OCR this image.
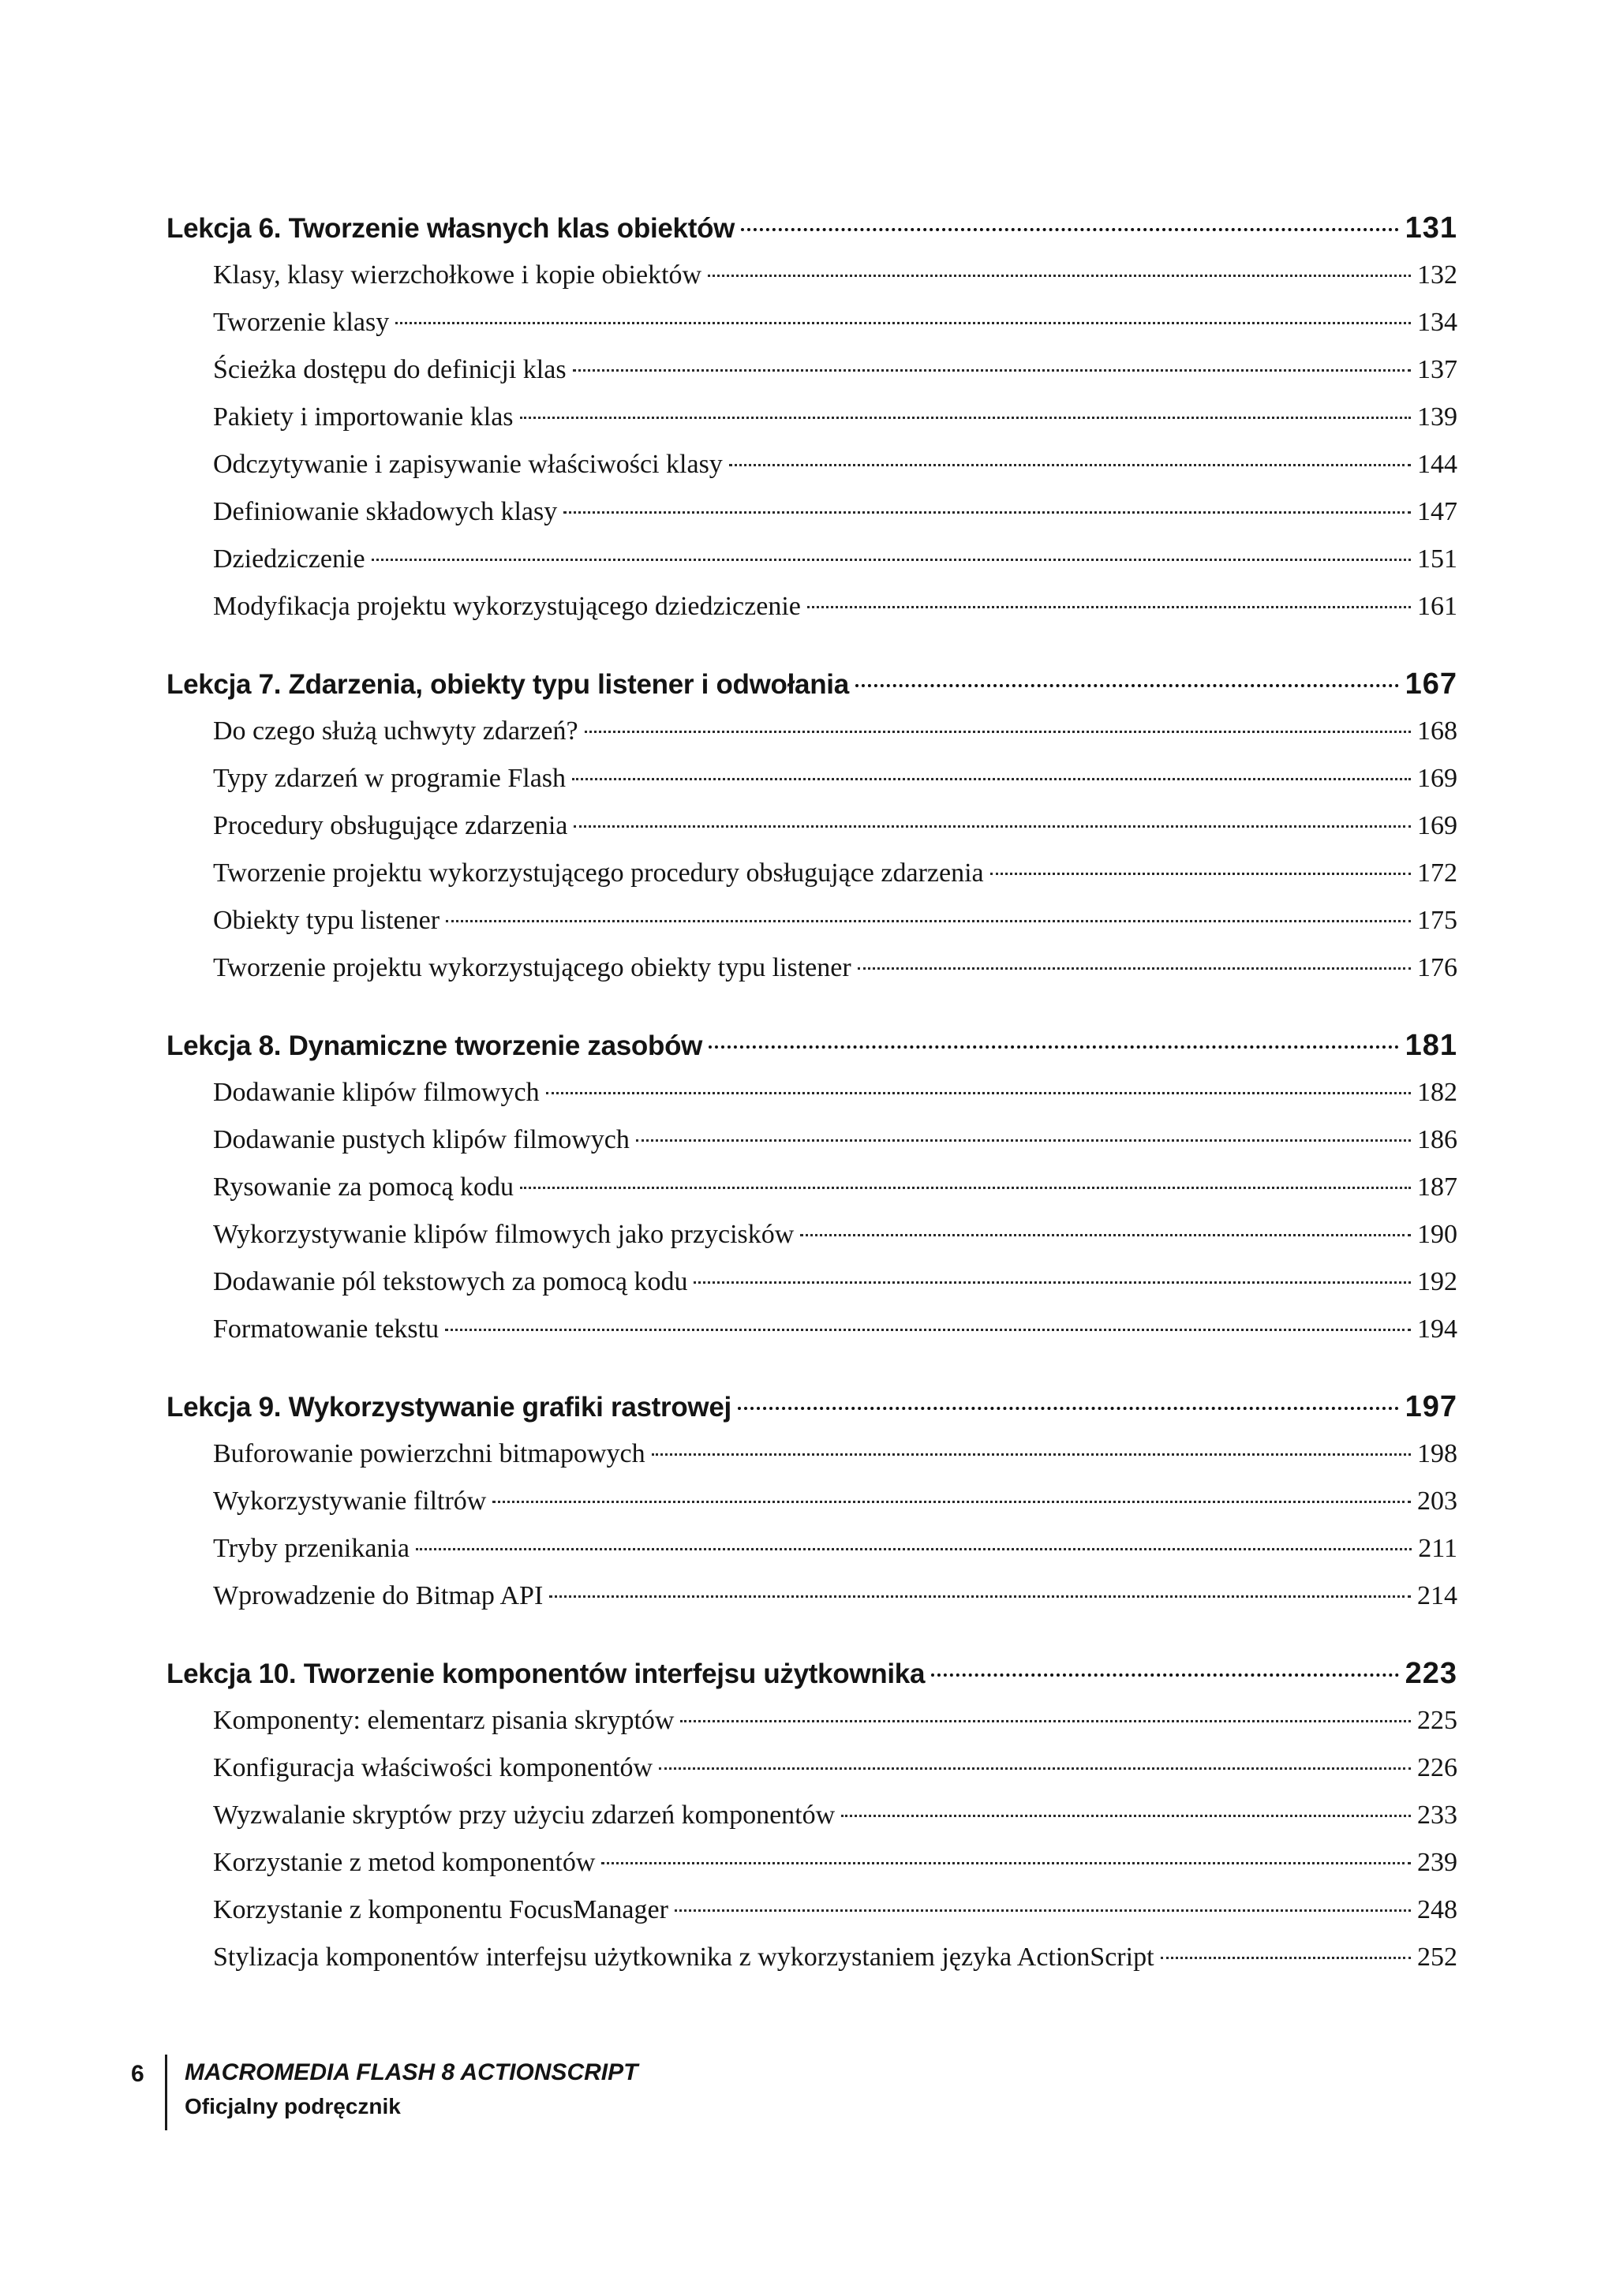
Lekcja 6. Tworzenie własnych klas obiektów	131
Klasy, klasy wierzchołkowe i kopie obiektów	132
Tworzenie klasy	134
Ścieżka dostępu do definicji klas	137
Pakiety i importowanie klas	139
Odczytywanie i zapisywanie właściwości klasy	144
Definiowanie składowych klasy	147
Dziedziczenie	151
Modyfikacja projektu wykorzystującego dziedziczenie	161
Lekcja 7. Zdarzenia, obiekty typu listener i odwołania	167
Do czego służą uchwyty zdarzeń?	168
Typy zdarzeń w programie Flash	169
Procedury obsługujące zdarzenia	169
Tworzenie projektu wykorzystującego procedury obsługujące zdarzenia	172
Obiekty typu listener	175
Tworzenie projektu wykorzystującego obiekty typu listener	176
Lekcja 8. Dynamiczne tworzenie zasobów	181
Dodawanie klipów filmowych	182
Dodawanie pustych klipów filmowych	186
Rysowanie za pomocą kodu	187
Wykorzystywanie klipów filmowych jako przycisków	190
Dodawanie pól tekstowych za pomocą kodu	192
Formatowanie tekstu	194
Lekcja 9. Wykorzystywanie grafiki rastrowej	197
Buforowanie powierzchni bitmapowych	198
Wykorzystywanie filtrów	203
Tryby przenikania	211
Wprowadzenie do Bitmap API	214
Lekcja 10. Tworzenie komponentów interfejsu użytkownika	223
Komponenty: elementarz pisania skryptów	225
Konfiguracja właściwości komponentów	226
Wyzwalanie skryptów przy użyciu zdarzeń komponentów	233
Korzystanie z metod komponentów	239
Korzystanie z komponentu FocusManager	248
Stylizacja komponentów interfejsu użytkownika z wykorzystaniem języka ActionScript	252
6 MACROMEDIA FLASH 8 ACTIONSCRIPT
Oficjalny podręcznik
